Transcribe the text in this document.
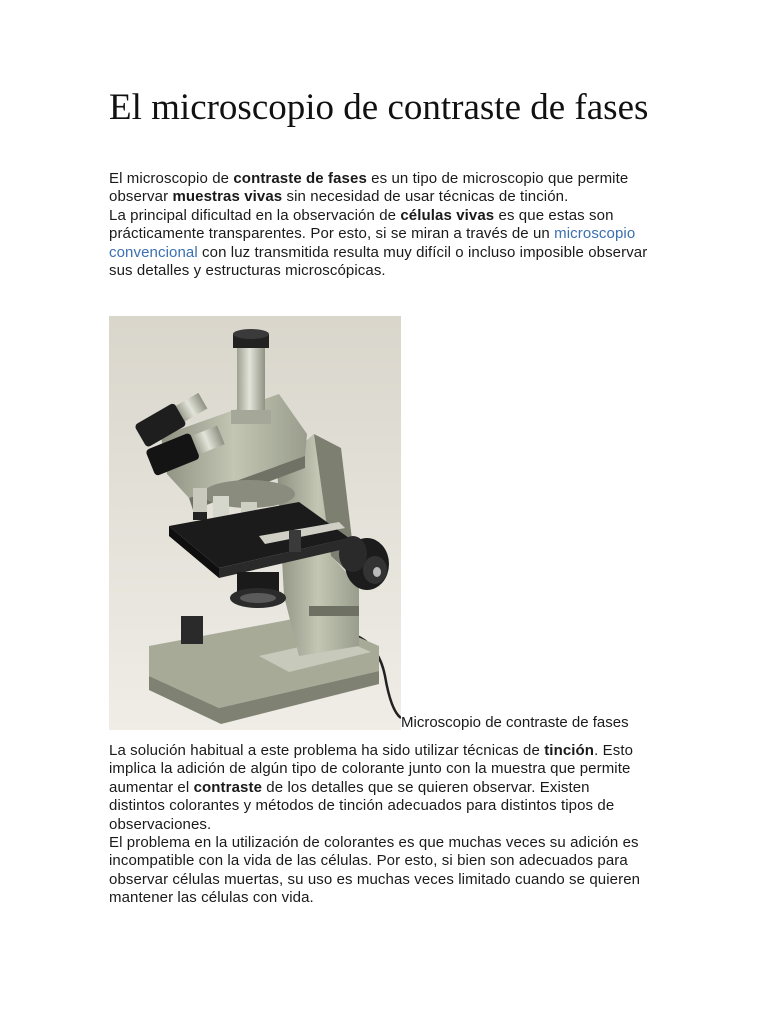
El microscopio de contraste de fases

El microscopio de contraste de fases es un tipo de microscopio que permite observar muestras vivas sin necesidad de usar técnicas de tinción.
La principal dificultad en la observación de células vivas es que estas son prácticamente transparentes. Por esto, si se miran a través de un microscopio convencional con luz transmitida resulta muy difícil o incluso imposible observar sus detalles y estructuras microscópicas.

Microscopio de contraste de fases

La solución habitual a este problema ha sido utilizar técnicas de tinción. Esto implica la adición de algún tipo de colorante junto con la muestra que permite aumentar el contraste de los detalles que se quieren observar. Existen distintos colorantes y métodos de tinción adecuados para distintos tipos de observaciones.
El problema en la utilización de colorantes es que muchas veces su adición es incompatible con la vida de las células. Por esto, si bien son adecuados para observar células muertas, su uso es muchas veces limitado cuando se quieren mantener las células con vida.
